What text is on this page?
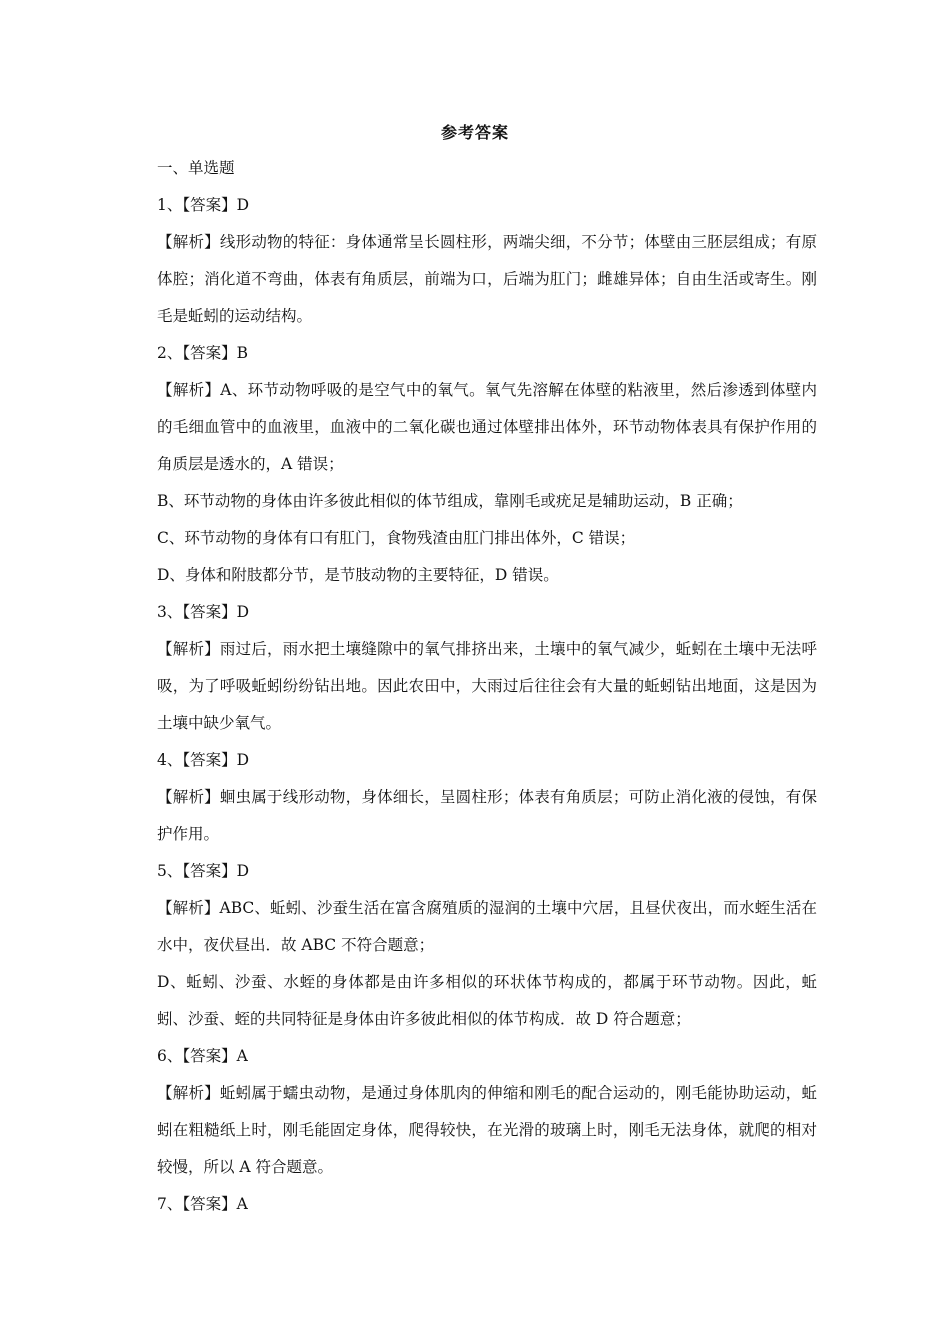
参考答案
一、单选题
1、【答案】D
【解析】线形动物的特征：身体通常呈长圆柱形，两端尖细，不分节；体壁由三胚层组成；有原体腔；消化道不弯曲，体表有角质层，前端为口，后端为肛门；雌雄异体；自由生活或寄生。刚毛是蚯蚓的运动结构。
2、【答案】B
【解析】A、环节动物呼吸的是空气中的氧气。氧气先溶解在体壁的粘液里，然后渗透到体壁内的毛细血管中的血液里，血液中的二氧化碳也通过体壁排出体外，环节动物体表具有保护作用的角质层是透水的，A 错误；
B、环节动物的身体由许多彼此相似的体节组成，靠刚毛或疣足是辅助运动，B 正确；
C、环节动物的身体有口有肛门，食物残渣由肛门排出体外，C 错误；
D、身体和附肢都分节，是节肢动物的主要特征，D 错误。
3、【答案】D
【解析】雨过后，雨水把土壤缝隙中的氧气排挤出来，土壤中的氧气减少，蚯蚓在土壤中无法呼吸，为了呼吸蚯蚓纷纷钻出地。因此农田中，大雨过后往往会有大量的蚯蚓钻出地面，这是因为土壤中缺少氧气。
4、【答案】D
【解析】蛔虫属于线形动物，身体细长，呈圆柱形；体表有角质层；可防止消化液的侵蚀，有保护作用。
5、【答案】D
【解析】ABC、蚯蚓、沙蚕生活在富含腐殖质的湿润的土壤中穴居，且昼伏夜出，而水蛭生活在水中，夜伏昼出．故 ABC 不符合题意；
D、蚯蚓、沙蚕、水蛭的身体都是由许多相似的环状体节构成的，都属于环节动物。因此，蚯蚓、沙蚕、蛭的共同特征是身体由许多彼此相似的体节构成．故 D 符合题意；
6、【答案】A
【解析】蚯蚓属于蠕虫动物，是通过身体肌肉的伸缩和刚毛的配合运动的，刚毛能协助运动，蚯蚓在粗糙纸上时，刚毛能固定身体，爬得较快，在光滑的玻璃上时，刚毛无法身体，就爬的相对较慢，所以 A 符合题意。
7、【答案】A
